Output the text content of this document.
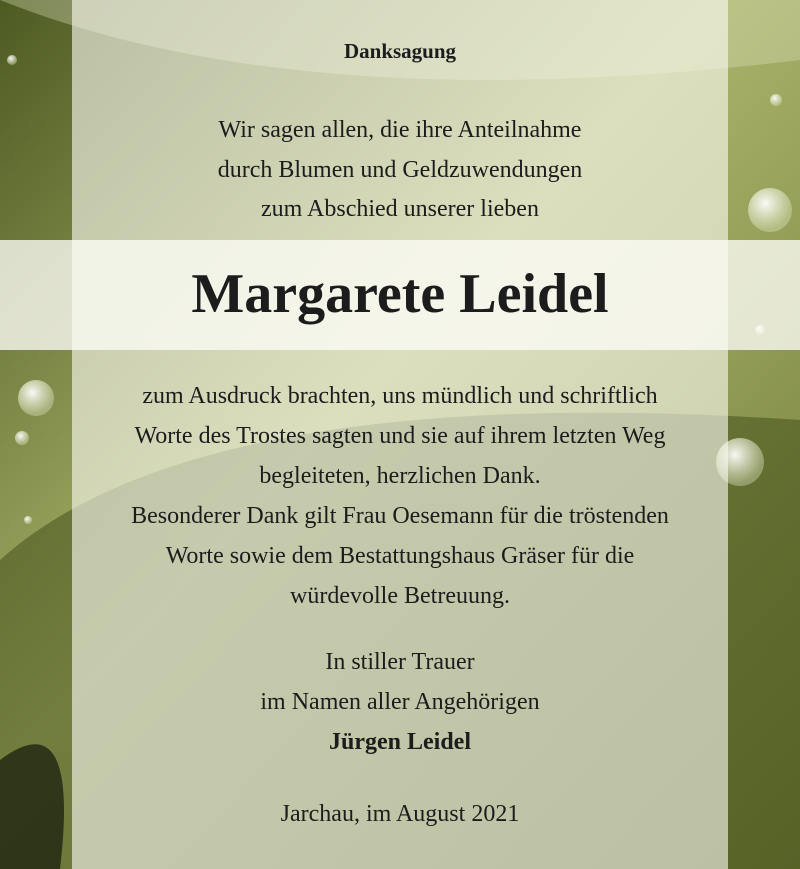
Danksagung
Wir sagen allen, die ihre Anteilnahme
durch Blumen und Geldzuwendungen
zum Abschied unserer lieben
Margarete Leidel
zum Ausdruck brachten, uns mündlich und schriftlich
Worte des Trostes sagten und sie auf ihrem letzten Weg
begleiteten, herzlichen Dank.
Besonderer Dank gilt Frau Oesemann für die tröstenden
Worte sowie dem Bestattungshaus Gräser für die
würdevolle Betreuung.
In stiller Trauer
im Namen aller Angehörigen
Jürgen Leidel
Jarchau, im August 2021
